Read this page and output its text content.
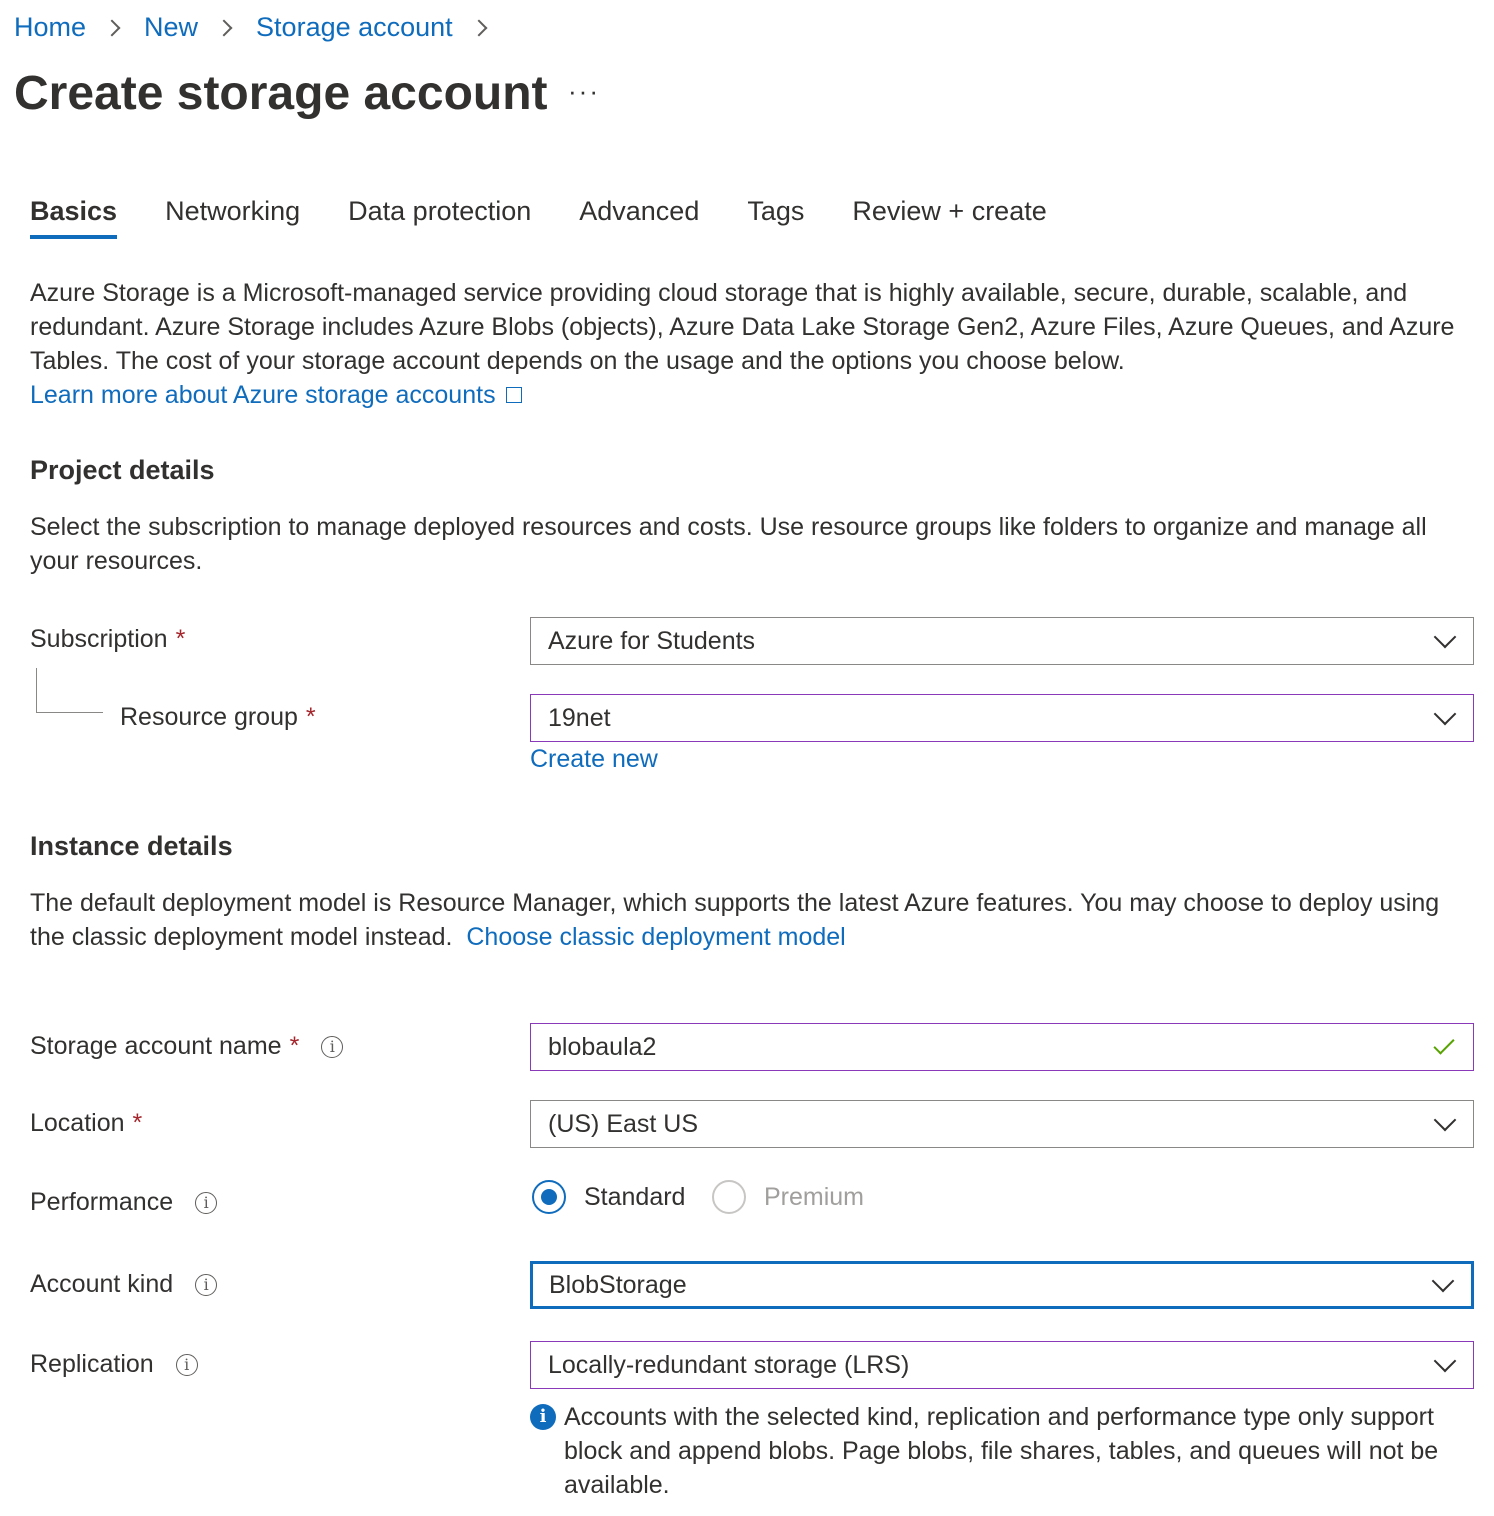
Home New Storage account
Create storage account ···
Basics Networking Data protection Advanced Tags Review + create
Azure Storage is a Microsoft-managed service providing cloud storage that is highly available, secure, durable, scalable, and redundant. Azure Storage includes Azure Blobs (objects), Azure Data Lake Storage Gen2, Azure Files, Azure Queues, and Azure Tables. The cost of your storage account depends on the usage and the options you choose below.
Learn more about Azure storage accounts
Project details
Select the subscription to manage deployed resources and costs. Use resource groups like folders to organize and manage all your resources.
Subscription *	Azure for Students
Resource group *	19net
Create new
Instance details
The default deployment model is Resource Manager, which supports the latest Azure features. You may choose to deploy using the classic deployment model instead. Choose classic deployment model
Storage account name *	i	blobaula2
Location *	(US) East US
Performance	i	Standard	Premium
Account kind	i	BlobStorage
Replication	i	Locally-redundant storage (LRS)
i Accounts with the selected kind, replication and performance type only support block and append blobs. Page blobs, file shares, tables, and queues will not be available.
